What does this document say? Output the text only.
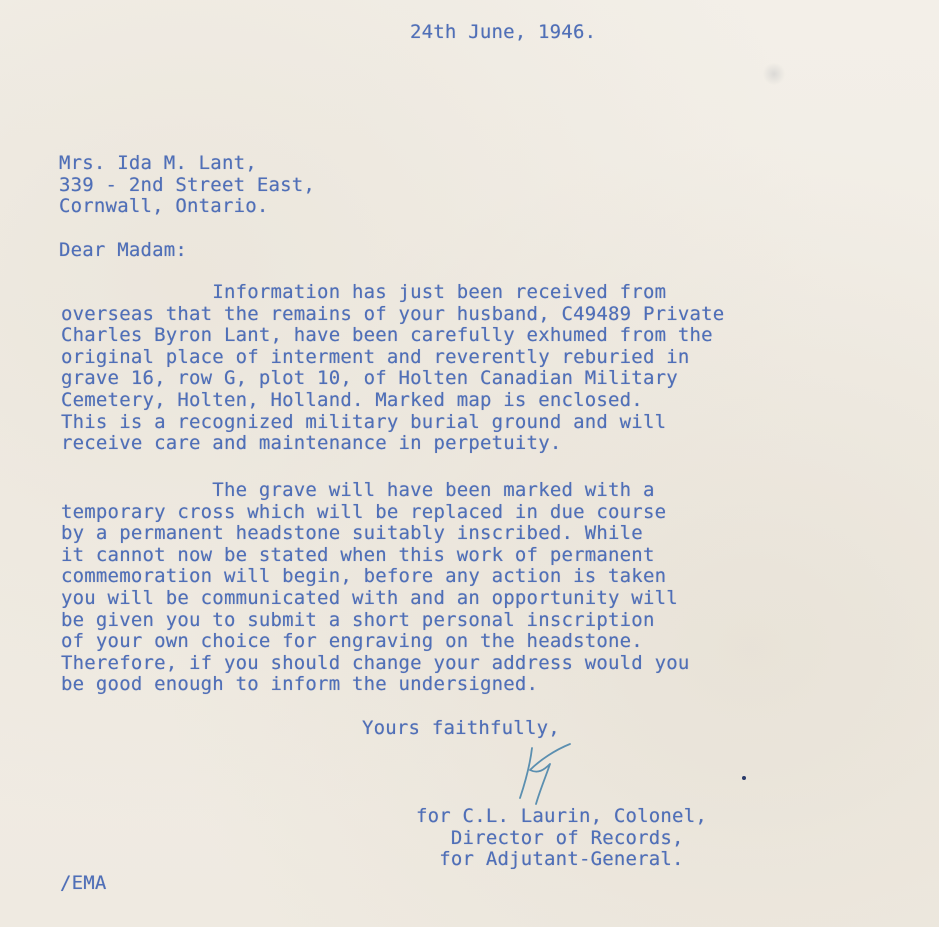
24th June, 1946.
Mrs. Ida M. Lant,
339 - 2nd Street East,
Cornwall, Ontario.
Dear Madam:
Information has just been received from
overseas that the remains of your husband, C49489 Private
Charles Byron Lant, have been carefully exhumed from the
original place of interment and reverently reburied in
grave 16, row G, plot 10, of Holten Canadian Military
Cemetery, Holten, Holland. Marked map is enclosed.
This is a recognized military burial ground and will
receive care and maintenance in perpetuity.
The grave will have been marked with a
temporary cross which will be replaced in due course
by a permanent headstone suitably inscribed. While
it cannot now be stated when this work of permanent
commemoration will begin, before any action is taken
you will be communicated with and an opportunity will
be given you to submit a short personal inscription
of your own choice for engraving on the headstone.
Therefore, if you should change your address would you
be good enough to inform the undersigned.
Yours faithfully,
for C.L. Laurin, Colonel,
Director of Records,
for Adjutant-General.
/EMA
